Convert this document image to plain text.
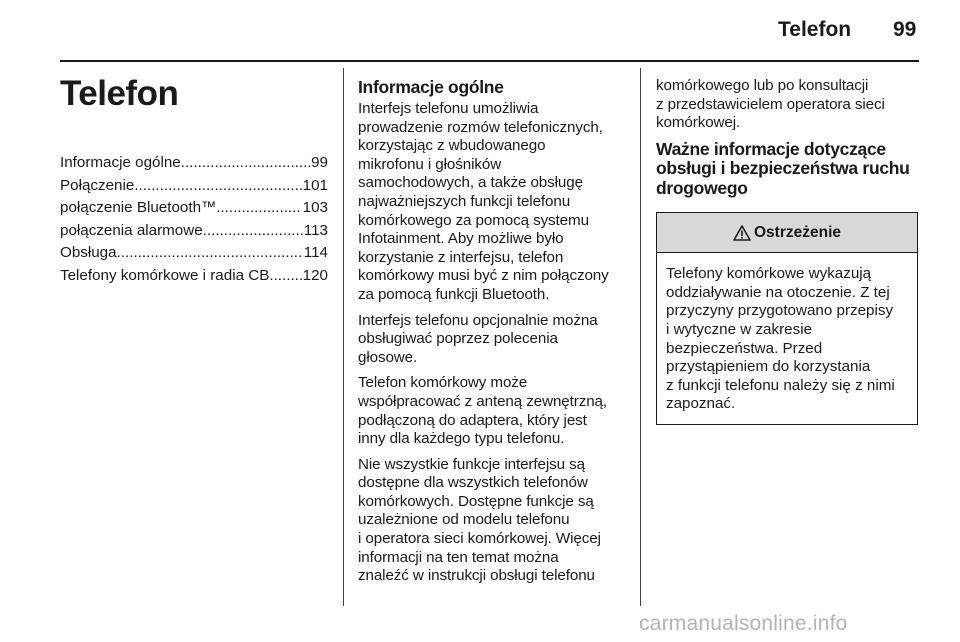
Telefon 99
Telefon
Informacje ogólne .....	99
Połączenie .....	101
połączenie Bluetooth™ .....	103
połączenia alarmowe .....	113
Obsługa .....	114
Telefony komórkowe i radia CB ..... 120
Informacje ogólne

Interfejs telefonu umożliwia
prowadzenie rozmów telefonicznych,
korzystając z wbudowanego
mikrofonu i głośników
samochodowych, a także obsługę
najważniejszych funkcji telefonu
komórkowego za pomocą systemu
Infotainment. Aby możliwe było
korzystanie z interfejsu, telefon
komórkowy musi być z nim połączony
za pomocą funkcji Bluetooth.

Interfejs telefonu opcjonalnie można
obsługiwać poprzez polecenia
głosowe.

Telefon komórkowy może
współpracować z anteną zewnętrzną,
podłączoną do adaptera, który jest
inny dla każdego typu telefonu.

Nie wszystkie funkcje interfejsu są
dostępne dla wszystkich telefonów
komórkowych. Dostępne funkcje są
uzależnione od modelu telefonu
i operatora sieci komórkowej. Więcej
informacji na ten temat można
znaleźć w instrukcji obsługi telefonu

komórkowego lub po konsultacji
z przedstawicielem operatora sieci
komórkowej.

Ważne informacje dotyczące obsługi i bezpieczeństwa ruchu drogowego
Ostrzeżenie
Telefony komórkowe wykazują
oddziaływanie na otoczenie. Z tej
przyczyny przygotowano przepisy
i wytyczne w zakresie
bezpieczeństwa. Przed
przystąpieniem do korzystania
z funkcji telefonu należy się z nimi
zapoznać.
carmanualsonline.info
